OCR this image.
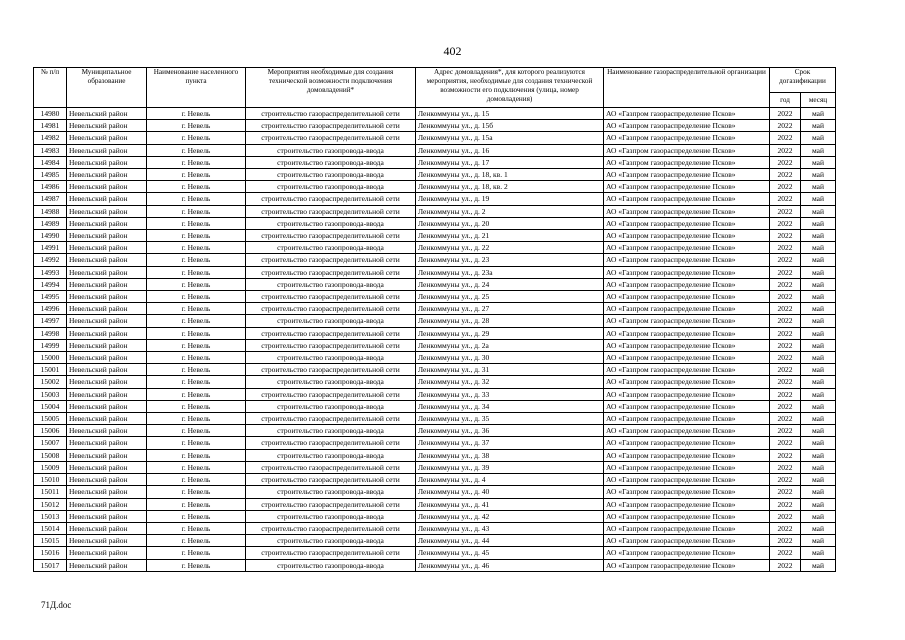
402
№ п/п	Муниципальное образование	Наименование населенного пункта	Мероприятия необходимые для создания технической возможности подключения домовладений*	Адрес домовладения*, для которого реализуются мероприятия, необходимые для создания технической возможности его подключения (улица, номер домовладения)	Наименование газораспределительной организации	Срок догазификации	
						год	месяц
14980	Невельский район	г. Невель	строительство газораспределительной сети	Ленкоммуны ул., д. 15	АО «Газпром газораспределение Псков»	2022	май
14981	Невельский район	г. Невель	строительство газораспределительной сети	Ленкоммуны ул., д. 15б	АО «Газпром газораспределение Псков»	2022	май
14982	Невельский район	г. Невель	строительство газораспределительной сети	Ленкоммуны ул., д. 15а	АО «Газпром газораспределение Псков»	2022	май
14983	Невельский район	г. Невель	строительство газопровода-ввода	Ленкоммуны ул., д. 16	АО «Газпром газораспределение Псков»	2022	май
14984	Невельский район	г. Невель	строительство газопровода-ввода	Ленкоммуны ул., д. 17	АО «Газпром газораспределение Псков»	2022	май
14985	Невельский район	г. Невель	строительство газопровода-ввода	Ленкоммуны ул., д. 18, кв. 1	АО «Газпром газораспределение Псков»	2022	май
14986	Невельский район	г. Невель	строительство газопровода-ввода	Ленкоммуны ул., д. 18, кв. 2	АО «Газпром газораспределение Псков»	2022	май
14987	Невельский район	г. Невель	строительство газораспределительной сети	Ленкоммуны ул., д. 19	АО «Газпром газораспределение Псков»	2022	май
14988	Невельский район	г. Невель	строительство газораспределительной сети	Ленкоммуны ул., д. 2	АО «Газпром газораспределение Псков»	2022	май
14989	Невельский район	г. Невель	строительство газопровода-ввода	Ленкоммуны ул., д. 20	АО «Газпром газораспределение Псков»	2022	май
14990	Невельский район	г. Невель	строительство газораспределительной сети	Ленкоммуны ул., д. 21	АО «Газпром газораспределение Псков»	2022	май
14991	Невельский район	г. Невель	строительство газопровода-ввода	Ленкоммуны ул., д. 22	АО «Газпром газораспределение Псков»	2022	май
14992	Невельский район	г. Невель	строительство газораспределительной сети	Ленкоммуны ул., д. 23	АО «Газпром газораспределение Псков»	2022	май
14993	Невельский район	г. Невель	строительство газораспределительной сети	Ленкоммуны ул., д. 23а	АО «Газпром газораспределение Псков»	2022	май
14994	Невельский район	г. Невель	строительство газопровода-ввода	Ленкоммуны ул., д. 24	АО «Газпром газораспределение Псков»	2022	май
14995	Невельский район	г. Невель	строительство газораспределительной сети	Ленкоммуны ул., д. 25	АО «Газпром газораспределение Псков»	2022	май
14996	Невельский район	г. Невель	строительство газораспределительной сети	Ленкоммуны ул., д. 27	АО «Газпром газораспределение Псков»	2022	май
14997	Невельский район	г. Невель	строительство газопровода-ввода	Ленкоммуны ул., д. 28	АО «Газпром газораспределение Псков»	2022	май
14998	Невельский район	г. Невель	строительство газораспределительной сети	Ленкоммуны ул., д. 29	АО «Газпром газораспределение Псков»	2022	май
14999	Невельский район	г. Невель	строительство газораспределительной сети	Ленкоммуны ул., д. 2а	АО «Газпром газораспределение Псков»	2022	май
15000	Невельский район	г. Невель	строительство газопровода-ввода	Ленкоммуны ул., д. 30	АО «Газпром газораспределение Псков»	2022	май
15001	Невельский район	г. Невель	строительство газораспределительной сети	Ленкоммуны ул., д. 31	АО «Газпром газораспределение Псков»	2022	май
15002	Невельский район	г. Невель	строительство газопровода-ввода	Ленкоммуны ул., д. 32	АО «Газпром газораспределение Псков»	2022	май
15003	Невельский район	г. Невель	строительство газораспределительной сети	Ленкоммуны ул., д. 33	АО «Газпром газораспределение Псков»	2022	май
15004	Невельский район	г. Невель	строительство газопровода-ввода	Ленкоммуны ул., д. 34	АО «Газпром газораспределение Псков»	2022	май
15005	Невельский район	г. Невель	строительство газораспределительной сети	Ленкоммуны ул., д. 35	АО «Газпром газораспределение Псков»	2022	май
15006	Невельский район	г. Невель	строительство газопровода-ввода	Ленкоммуны ул., д. 36	АО «Газпром газораспределение Псков»	2022	май
15007	Невельский район	г. Невель	строительство газораспределительной сети	Ленкоммуны ул., д. 37	АО «Газпром газораспределение Псков»	2022	май
15008	Невельский район	г. Невель	строительство газопровода-ввода	Ленкоммуны ул., д. 38	АО «Газпром газораспределение Псков»	2022	май
15009	Невельский район	г. Невель	строительство газораспределительной сети	Ленкоммуны ул., д. 39	АО «Газпром газораспределение Псков»	2022	май
15010	Невельский район	г. Невель	строительство газораспределительной сети	Ленкоммуны ул., д. 4	АО «Газпром газораспределение Псков»	2022	май
15011	Невельский район	г. Невель	строительство газопровода-ввода	Ленкоммуны ул., д. 40	АО «Газпром газораспределение Псков»	2022	май
15012	Невельский район	г. Невель	строительство газораспределительной сети	Ленкоммуны ул., д. 41	АО «Газпром газораспределение Псков»	2022	май
15013	Невельский район	г. Невель	строительство газопровода-ввода	Ленкоммуны ул., д. 42	АО «Газпром газораспределение Псков»	2022	май
15014	Невельский район	г. Невель	строительство газораспределительной сети	Ленкоммуны ул., д. 43	АО «Газпром газораспределение Псков»	2022	май
15015	Невельский район	г. Невель	строительство газопровода-ввода	Ленкоммуны ул., д. 44	АО «Газпром газораспределение Псков»	2022	май
15016	Невельский район	г. Невель	строительство газораспределительной сети	Ленкоммуны ул., д. 45	АО «Газпром газораспределение Псков»	2022	май
15017	Невельский район	г. Невель	строительство газопровода-ввода	Ленкоммуны ул., д. 46	АО «Газпром газораспределение Псков»	2022	май
71Д.doc
